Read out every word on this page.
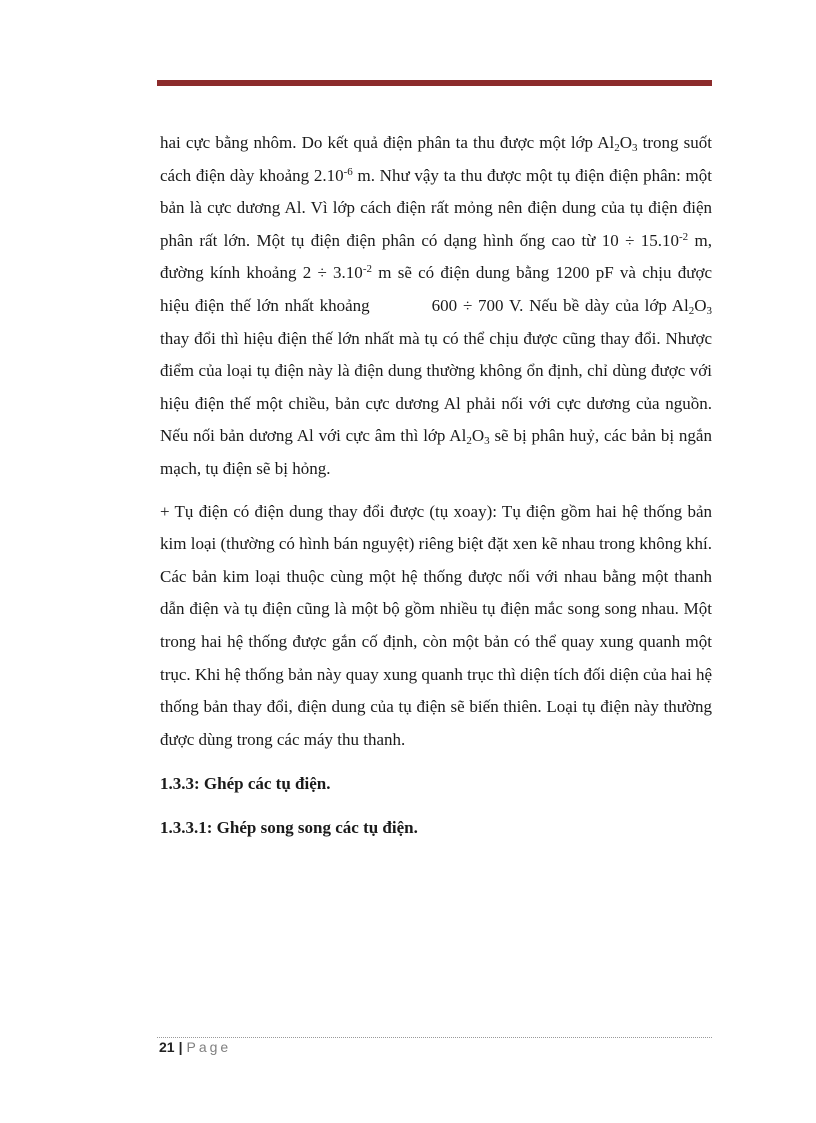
hai cực bằng nhôm. Do kết quả điện phân ta thu được một lớp $Al_2O_3$ trong suốt cách điện dày khoảng $2.10^{-6}$ m. Như vậy ta thu được một tụ điện điện phân: một bản là cực dương Al. Vì lớp cách điện rất mỏng nên điện dung của tụ điện điện phân rất lớn. Một tụ điện điện phân có dạng hình ống cao từ $10 \div 15.10^{-2}$ m, đường kính khoảng $2 \div 3.10^{-2}$ m sẽ có điện dung bằng 1200 pF và chịu được hiệu điện thế lớn nhất khoảng	600 ÷ 700 V. Nếu bề dày của lớp $Al_2O_3$ thay đổi thì hiệu điện thế lớn nhất mà tụ có thể chịu được cũng thay đổi. Nhược điểm của loại tụ điện này là điện dung thường không ổn định, chỉ dùng được với hiệu điện thế một chiều, bản cực dương Al phải nối với cực dương của nguồn. Nếu nối bản dương Al với cực âm thì lớp $Al_2O_3$ sẽ bị phân huỷ, các bản bị ngắn mạch, tụ điện sẽ bị hỏng.

+ Tụ điện có điện dung thay đổi được (tụ xoay): Tụ điện gồm hai hệ thống bản kim loại (thường có hình bán nguyệt) riêng biệt đặt xen kẽ nhau trong không khí. Các bản kim loại thuộc cùng một hệ thống được nối với nhau bằng một thanh dẫn điện và tụ điện cũng là một bộ gồm nhiều tụ điện mắc song song nhau. Một trong hai hệ thống được gắn cố định, còn một bản có thể quay xung quanh một trục. Khi hệ thống bản này quay xung quanh trục thì diện tích đối diện của hai hệ thống bản thay đổi, điện dung của tụ điện sẽ biến thiên. Loại tụ điện này thường được dùng trong các máy thu thanh.

1.3.3: Ghép các tụ điện.
1.3.3.1: Ghép song song các tụ điện.
21 | Page
